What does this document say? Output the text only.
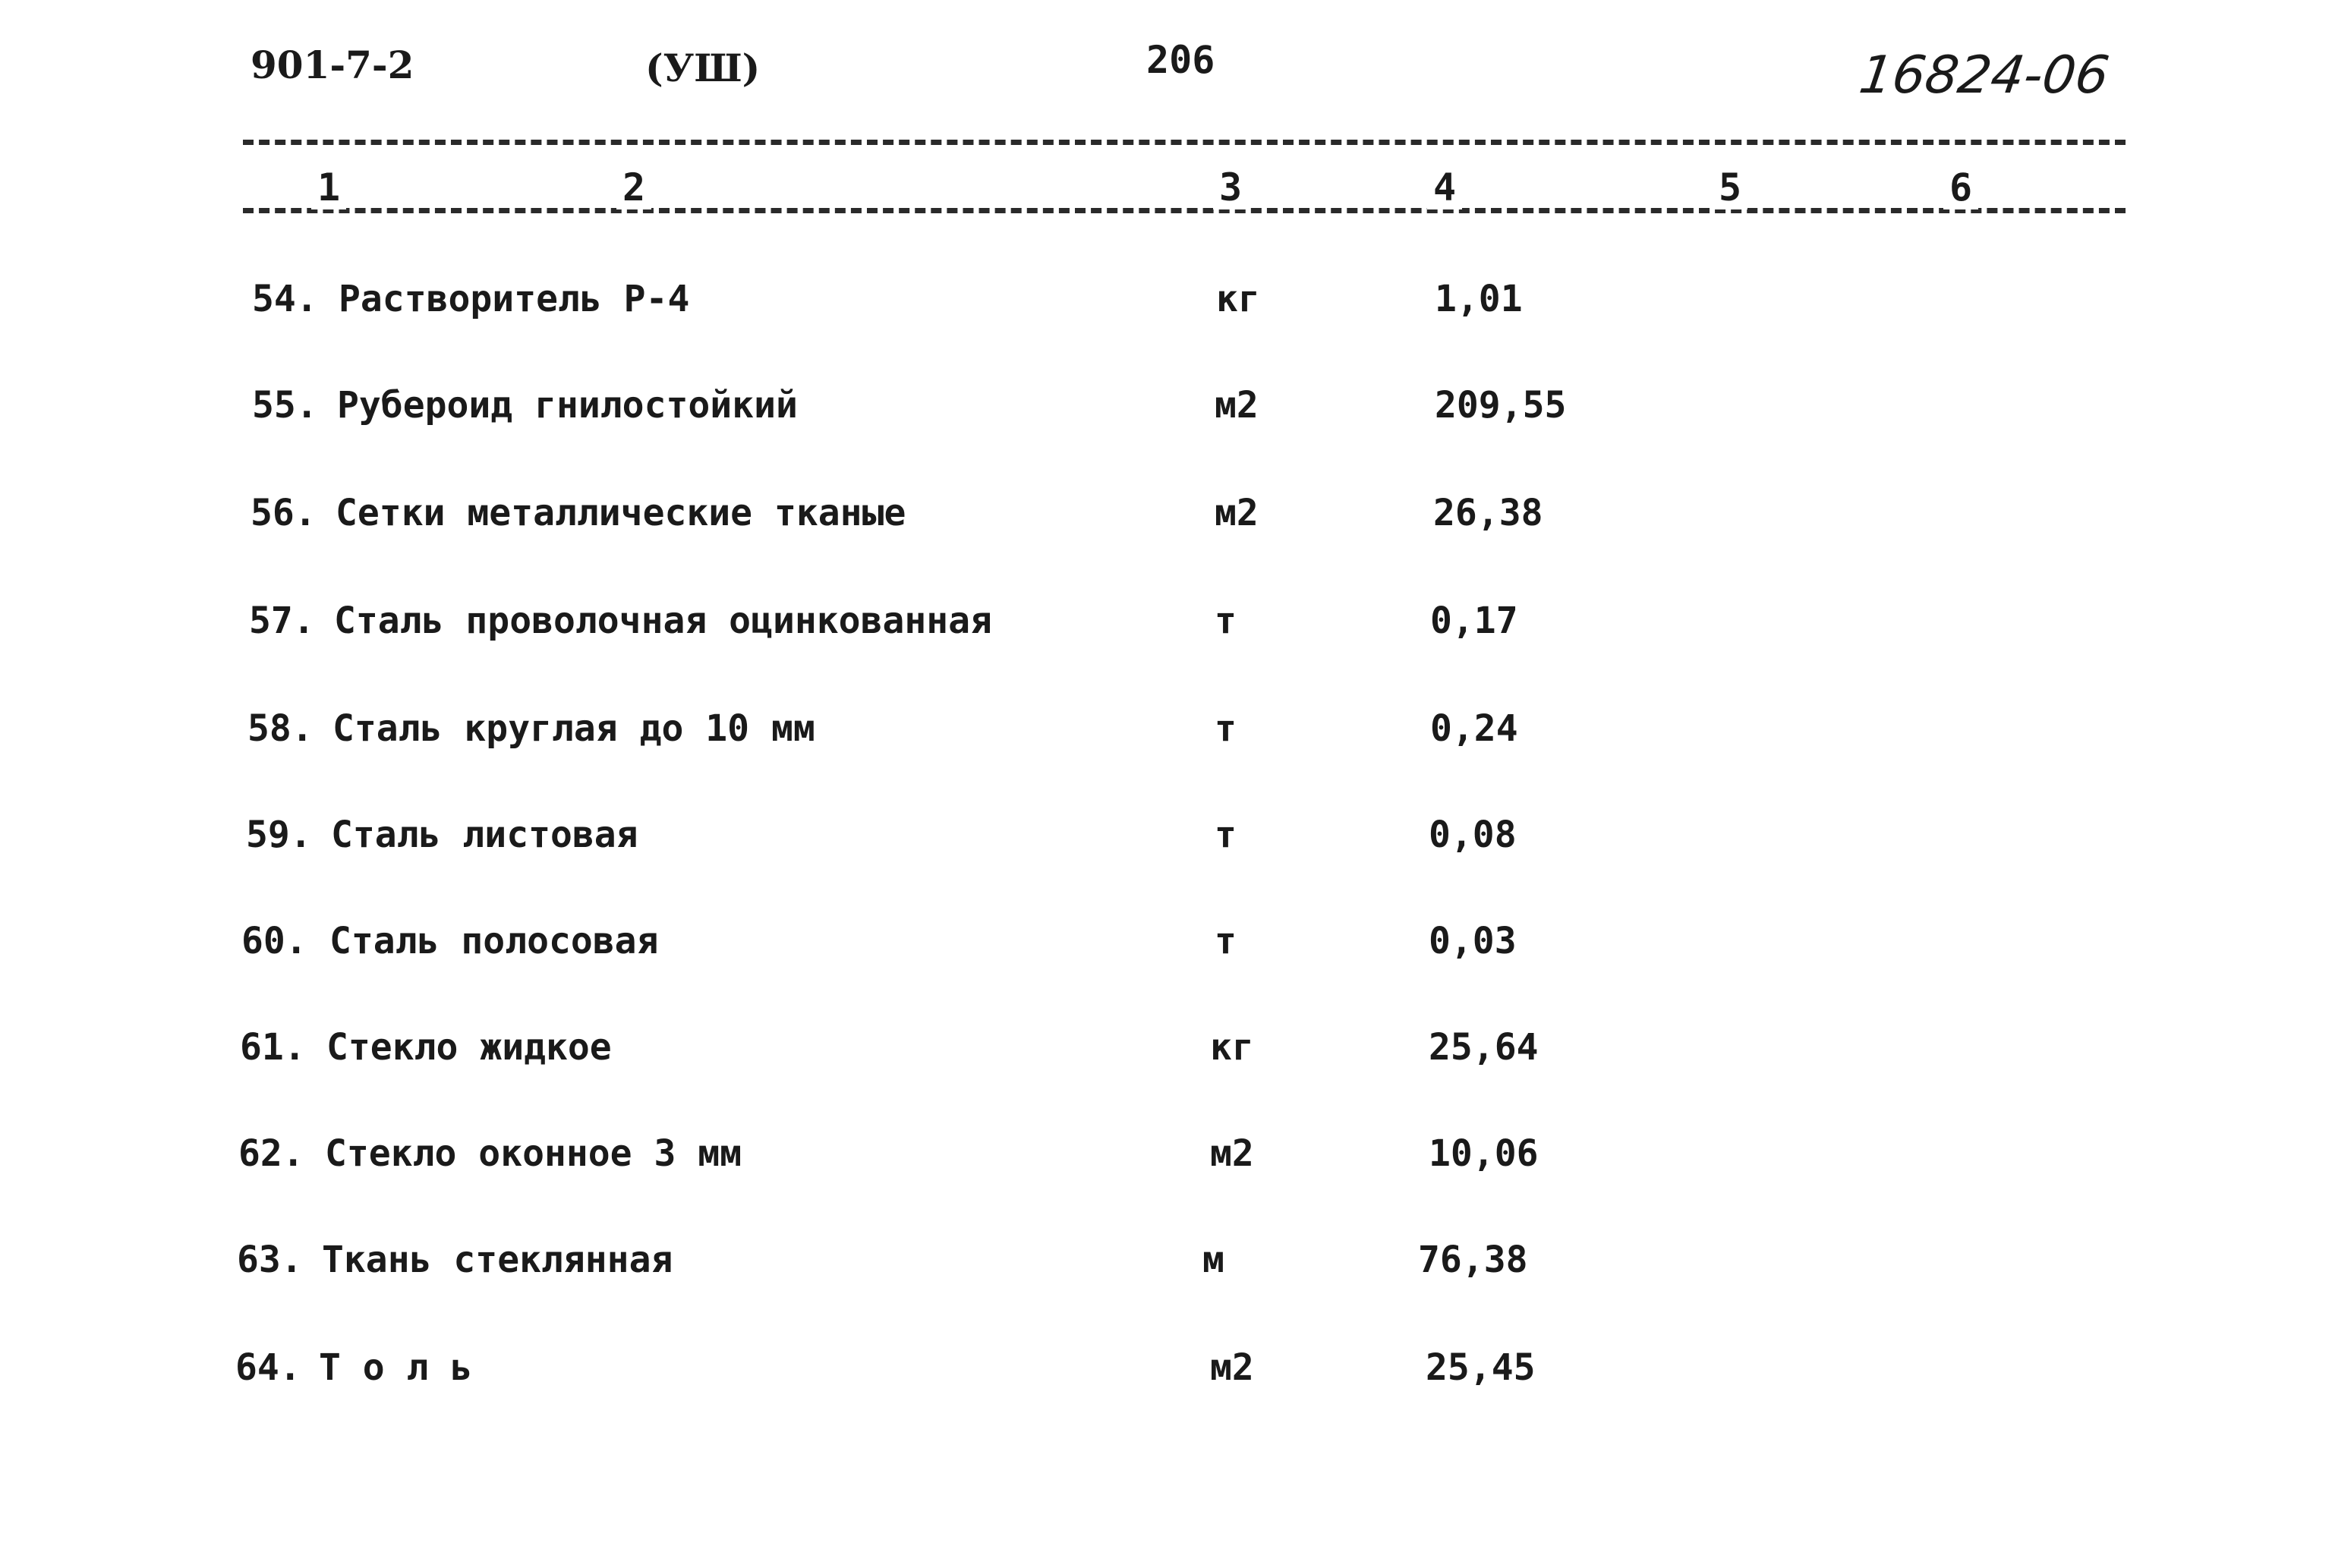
901-7-2	(УШ)	206	16824-06
1	2	3	4	5	6
54. Растворитель Р-4	кг	1,01
55. Рубероид гнилостойкий	м2	209,55
56. Сетки металлические тканые	м2	26,38
57. Сталь проволочная оцинкованная	т	0,17
58. Сталь круглая до 10 мм	т	0,24
59. Сталь листовая	т	0,08
60. Сталь полосовая	т	0,03
61. Стекло жидкое	кг	25,64
62. Стекло оконное 3 мм	м2	10,06
63. Ткань стеклянная	м	76,38
64. Т о л ь	м2	25,45
